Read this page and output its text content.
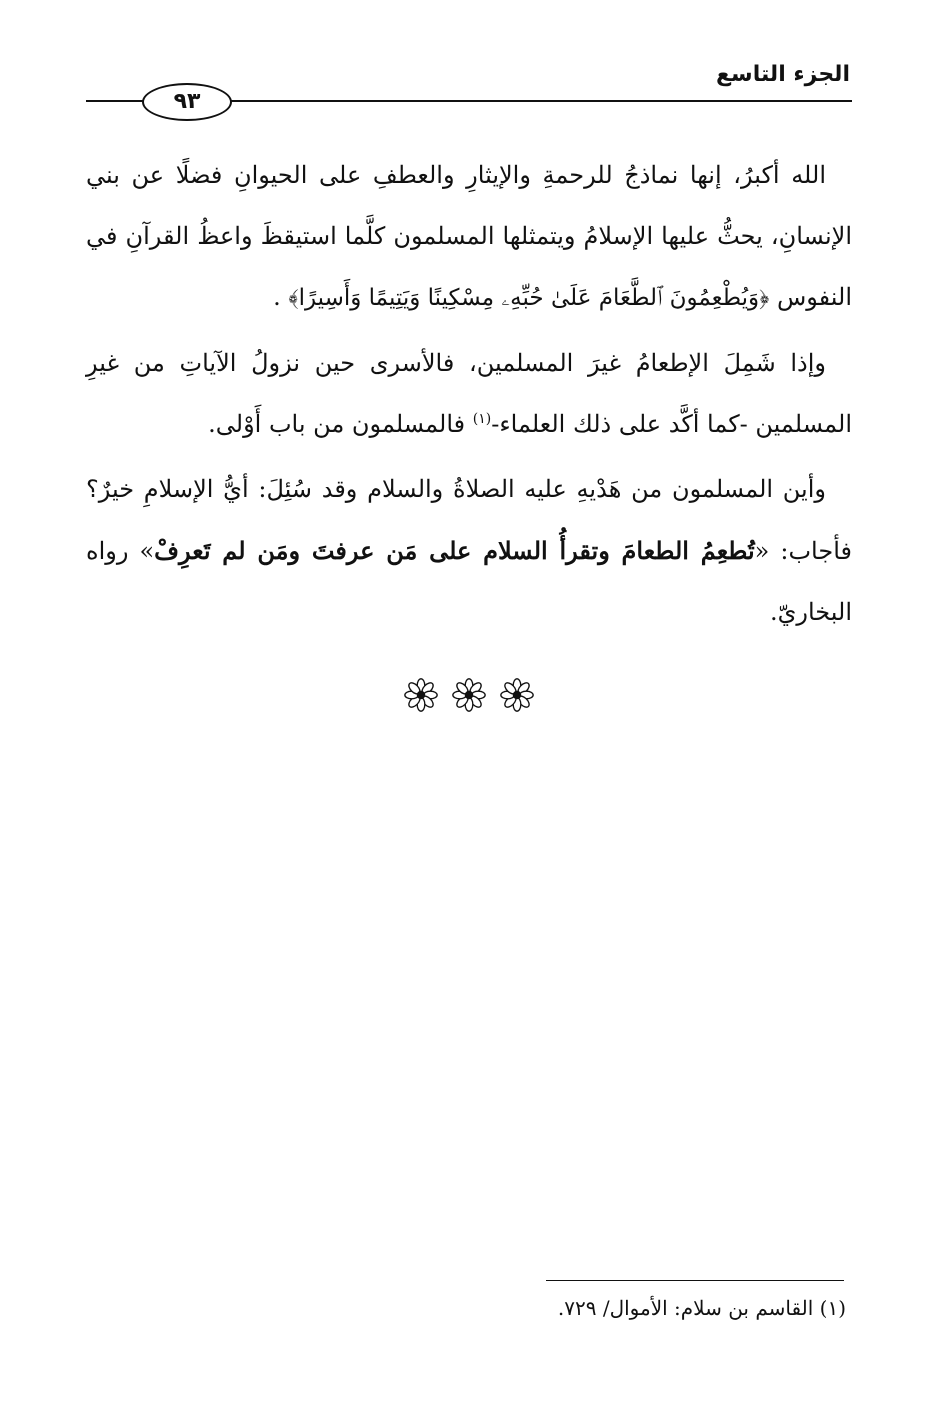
الجزء التاسع
٩٣

الله أكبرُ، إنها نماذجُ للرحمةِ والإيثارِ والعطفِ على الحيوانِ فضلًا عن بني الإنسانِ، يحثُّ عليها الإسلامُ ويتمثلها المسلمون كلَّما استيقظَ واعظُ القرآنِ في النفوس ﴿وَيُطْعِمُونَ ٱلطَّعَامَ عَلَىٰ حُبِّهِۦ مِسْكِينًا وَيَتِيمًا وَأَسِيرًا﴾ .

وإذا شَمِلَ الإطعامُ غيرَ المسلمين، فالأسرى حين نزولُ الآياتِ من غيرِ المسلمين -كما أكَّد على ذلك العلماء-$^{(١)}$ فالمسلمون من باب أَوْلى.

وأين المسلمون من هَدْيهِ عليه الصلاةُ والسلام وقد سُئِلَ: أيُّ الإسلامِ خيرٌ؟ فأجاب: «تُطعِمُ الطعامَ وتقرأُ السلام على مَن عرفتَ ومَن لم تَعرِفْ» رواه البخاريّ.

(١) القاسم بن سلام: الأموال/ ٧٢٩.
